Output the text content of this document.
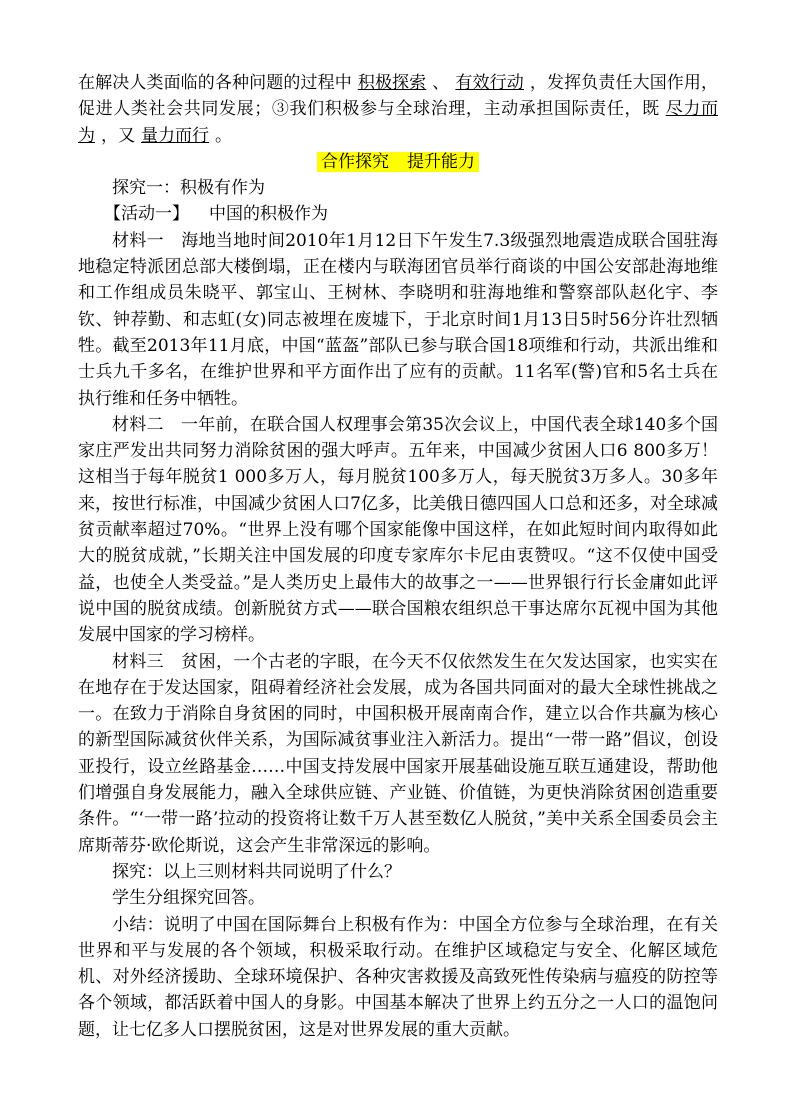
在解决人类面临的各种问题的过程中 积极探索 、 有效行动 ，发挥负责任大国作用，促进人类社会共同发展；③我们积极参与全球治理，主动承担国际责任，既 尽力而为 ，又 量力而行 。

合作探究 提升能力

探究一：积极有作为

【活动一】 中国的积极作为

材料一　海地当地时间2010年1月12日下午发生7.3级强烈地震造成联合国驻海地稳定特派团总部大楼倒塌，正在楼内与联海团官员举行商谈的中国公安部赴海地维和工作组成员朱晓平、郭宝山、王树林、李晓明和驻海地维和警察部队赵化宇、李钦、钟荐勤、和志虹(女)同志被埋在废墟下，于北京时间1月13日5时56分许壮烈牺牲。截至2013年11月底，中国“蓝盔”部队已参与联合国18项维和行动，共派出维和士兵九千多名，在维护世界和平方面作出了应有的贡献。11名军(警)官和5名士兵在执行维和任务中牺牲。

材料二　一年前，在联合国人权理事会第35次会议上，中国代表全球140多个国家庄严发出共同努力消除贫困的强大呼声。五年来，中国减少贫困人口6 800多万！这相当于每年脱贫1 000多万人，每月脱贫100多万人，每天脱贫3万多人。30多年来，按世行标准，中国减少贫困人口7亿多，比美俄日德四国人口总和还多，对全球减贫贡献率超过70%。“世界上没有哪个国家能像中国这样，在如此短时间内取得如此大的脱贫成就，”长期关注中国发展的印度专家库尔卡尼由衷赞叹。“这不仅使中国受益，也使全人类受益。”是人类历史上最伟大的故事之一——世界银行行长金庸如此评说中国的脱贫成绩。创新脱贫方式——联合国粮农组织总干事达席尔瓦视中国为其他发展中国家的学习榜样。

材料三　贫困，一个古老的字眼，在今天不仅依然发生在欠发达国家，也实实在在地存在于发达国家，阻碍着经济社会发展，成为各国共同面对的最大全球性挑战之一。在致力于消除自身贫困的同时，中国积极开展南南合作，建立以合作共赢为核心的新型国际减贫伙伴关系，为国际减贫事业注入新活力。提出“一带一路”倡议，创设亚投行，设立丝路基金……中国支持发展中国家开展基础设施互联互通建设，帮助他们增强自身发展能力，融入全球供应链、产业链、价值链，为更快消除贫困创造重要条件。“‘一带一路’拉动的投资将让数千万人甚至数亿人脱贫，”美中关系全国委员会主席斯蒂芬·欧伦斯说，这会产生非常深远的影响。

探究：以上三则材料共同说明了什么？

学生分组探究回答。

小结：说明了中国在国际舞台上积极有作为：中国全方位参与全球治理，在有关世界和平与发展的各个领域，积极采取行动。在维护区域稳定与安全、化解区域危机、对外经济援助、全球环境保护、各种灾害救援及高致死性传染病与瘟疫的防控等各个领域，都活跃着中国人的身影。中国基本解决了世界上约五分之一人口的温饱问题，让七亿多人口摆脱贫困，这是对世界发展的重大贡献。
